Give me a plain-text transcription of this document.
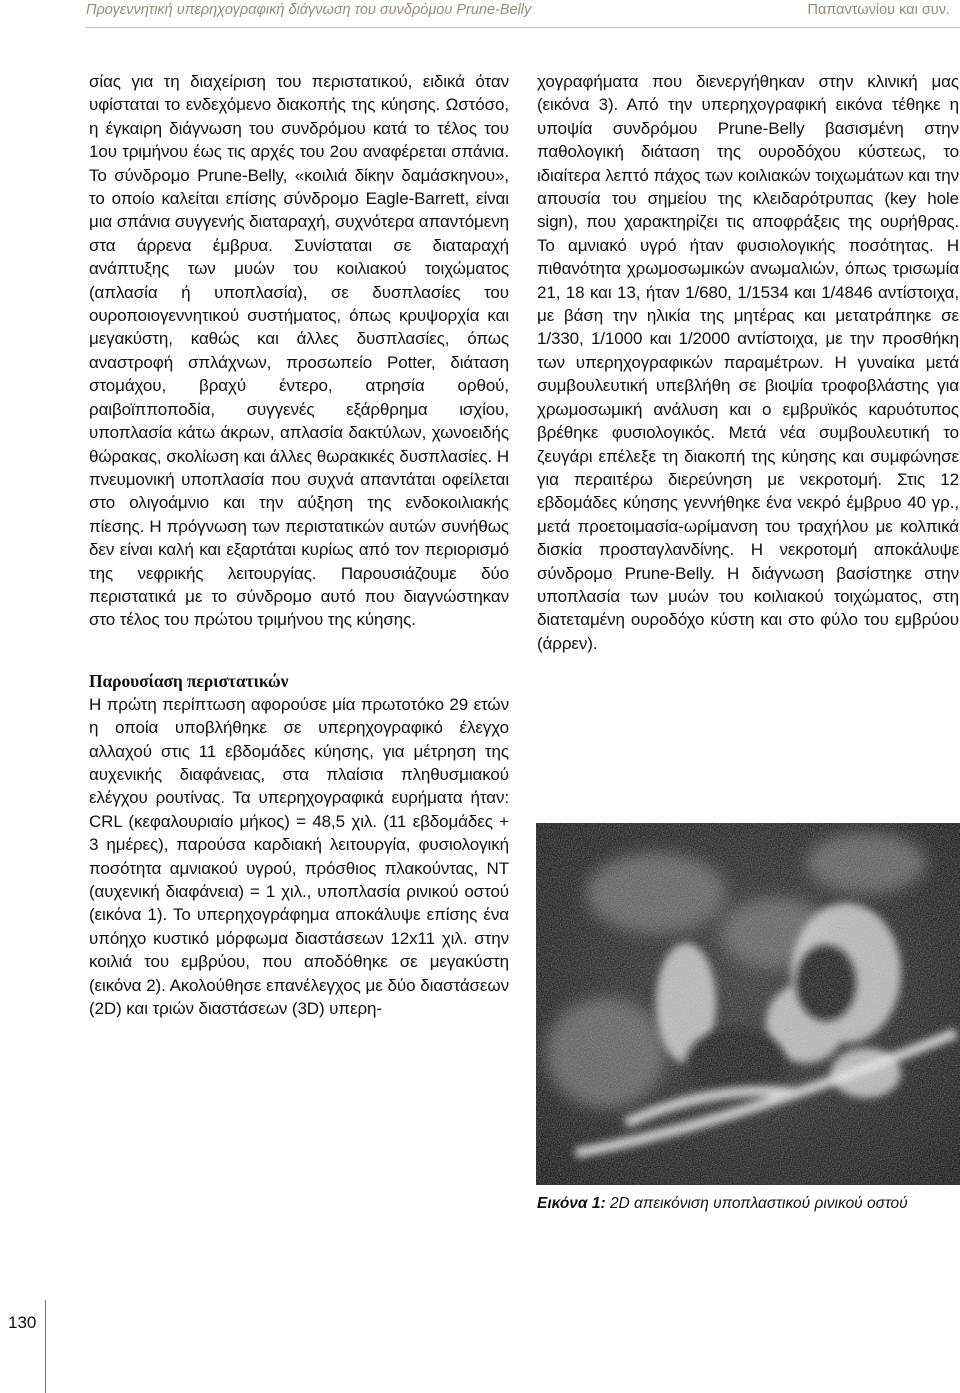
Προγεννητική υπερηχογραφική διάγνωση του συνδρόμου Prune-Belly	Παπαντωνίου και συν.

σίας για τη διαχείριση του περιστατικού, ειδικά όταν υφίσταται το ενδεχόμενο διακοπής της κύησης. Ωστόσο, η έγκαιρη διάγνωση του συνδρόμου κατά το τέλος του 1ου τριμήνου έως τις αρχές του 2ου αναφέρεται σπάνια. Το σύνδρομο Prune-Belly, «κοιλιά δίκην δαμάσκηνου», το οποίο καλείται επίσης σύνδρομο Eagle-Barrett, είναι μια σπάνια συγγενής διαταραχή, συχνότερα απαντόμενη στα άρρενα έμβρυα. Συνίσταται σε διαταραχή ανάπτυξης των μυών του κοιλιακού τοιχώματος (απλασία ή υποπλασία), σε δυσπλασίες του ουροποιογεννητικού συστήματος, όπως κρυψορχία και μεγακύστη, καθώς και άλλες δυσπλασίες, όπως αναστροφή σπλάχνων, προσωπείο Potter, διάταση στομάχου, βραχύ έντερο, ατρησία ορθού, ραιβοϊπποποδία, συγγενές εξάρθρημα ισχίου, υποπλασία κάτω άκρων, απλασία δακτύλων, χωνοειδής θώρακας, σκολίωση και άλλες θωρακικές δυσπλασίες. Η πνευμονική υποπλασία που συχνά απαντάται οφείλεται στο ολιγοάμνιο και την αύξηση της ενδοκοιλιακής πίεσης. Η πρόγνωση των περιστατικών αυτών συνήθως δεν είναι καλή και εξαρτάται κυρίως από τον περιορισμό της νεφρικής λειτουργίας. Παρουσιάζουμε δύο περιστατικά με το σύνδρομο αυτό που διαγνώστηκαν στο τέλος του πρώτου τριμήνου της κύησης.

Παρουσίαση περιστατικών

Η πρώτη περίπτωση αφορούσε μία πρωτοτόκο 29 ετών η οποία υποβλήθηκε σε υπερηχογραφικό έλεγχο αλλαχού στις 11 εβδομάδες κύησης, για μέτρηση της αυχενικής διαφάνειας, στα πλαίσια πληθυσμιακού ελέγχου ρουτίνας. Τα υπερηχογραφικά ευρήματα ήταν: CRL (κεφαλουριαίο μήκος) = 48,5 χιλ. (11 εβδομάδες + 3 ημέρες), παρούσα καρδιακή λειτουργία, φυσιολογική ποσότητα αμνιακού υγρού, πρόσθιος πλακούντας, NT (αυχενική διαφάνεια) = 1 χιλ., υποπλασία ρινικού οστού (εικόνα 1). Το υπερηχογράφημα αποκάλυψε επίσης ένα υπόηχο κυστικό μόρφωμα διαστάσεων 12x11 χιλ. στην κοιλιά του εμβρύου, που αποδόθηκε σε μεγακύστη (εικόνα 2). Ακολούθησε επανέλεγχος με δύο διαστάσεων (2D) και τριών διαστάσεων (3D) υπερη-

χογραφήματα που διενεργήθηκαν στην κλινική μας (εικόνα 3). Από την υπερηχογραφική εικόνα τέθηκε η υποψία συνδρόμου Prune-Belly βασισμένη στην παθολογική διάταση της ουροδόχου κύστεως, το ιδιαίτερα λεπτό πάχος των κοιλιακών τοιχωμάτων και την απουσία του σημείου της κλειδαρότρυπας (key hole sign), που χαρακτηρίζει τις αποφράξεις της ουρήθρας. Το αμνιακό υγρό ήταν φυσιολογικής ποσότητας. Η πιθανότητα χρωμοσωμικών ανωμαλιών, όπως τρισωμία 21, 18 και 13, ήταν 1/680, 1/1534 και 1/4846 αντίστοιχα, με βάση την ηλικία της μητέρας και μετατράπηκε σε 1/330, 1/1000 και 1/2000 αντίστοιχα, με την προσθήκη των υπερηχογραφικών παραμέτρων. Η γυναίκα μετά συμβουλευτική υπεβλήθη σε βιοψία τροφοβλάστης για χρωμοσωμική ανάλυση και ο εμβρυϊκός καρυότυπος βρέθηκε φυσιολογικός. Μετά νέα συμβουλευτική το ζευγάρι επέλεξε τη διακοπή της κύησης και συμφώνησε για περαιτέρω διερεύνηση με νεκροτομή. Στις 12 εβδομάδες κύησης γεννήθηκε ένα νεκρό έμβρυο 40 γρ., μετά προετοιμασία-ωρίμανση του τραχήλου με κολπικά δισκία προσταγλανδίνης. Η νεκροτομή αποκάλυψε σύνδρομο Prune-Belly. Η διάγνωση βασίστηκε στην υποπλασία των μυών του κοιλιακού τοιχώματος, στη διατεταμένη ουροδόχο κύστη και στο φύλο του εμβρύου (άρρεν).

Εικόνα 1: 2D απεικόνιση υποπλαστικού ρινικού οστού
130
